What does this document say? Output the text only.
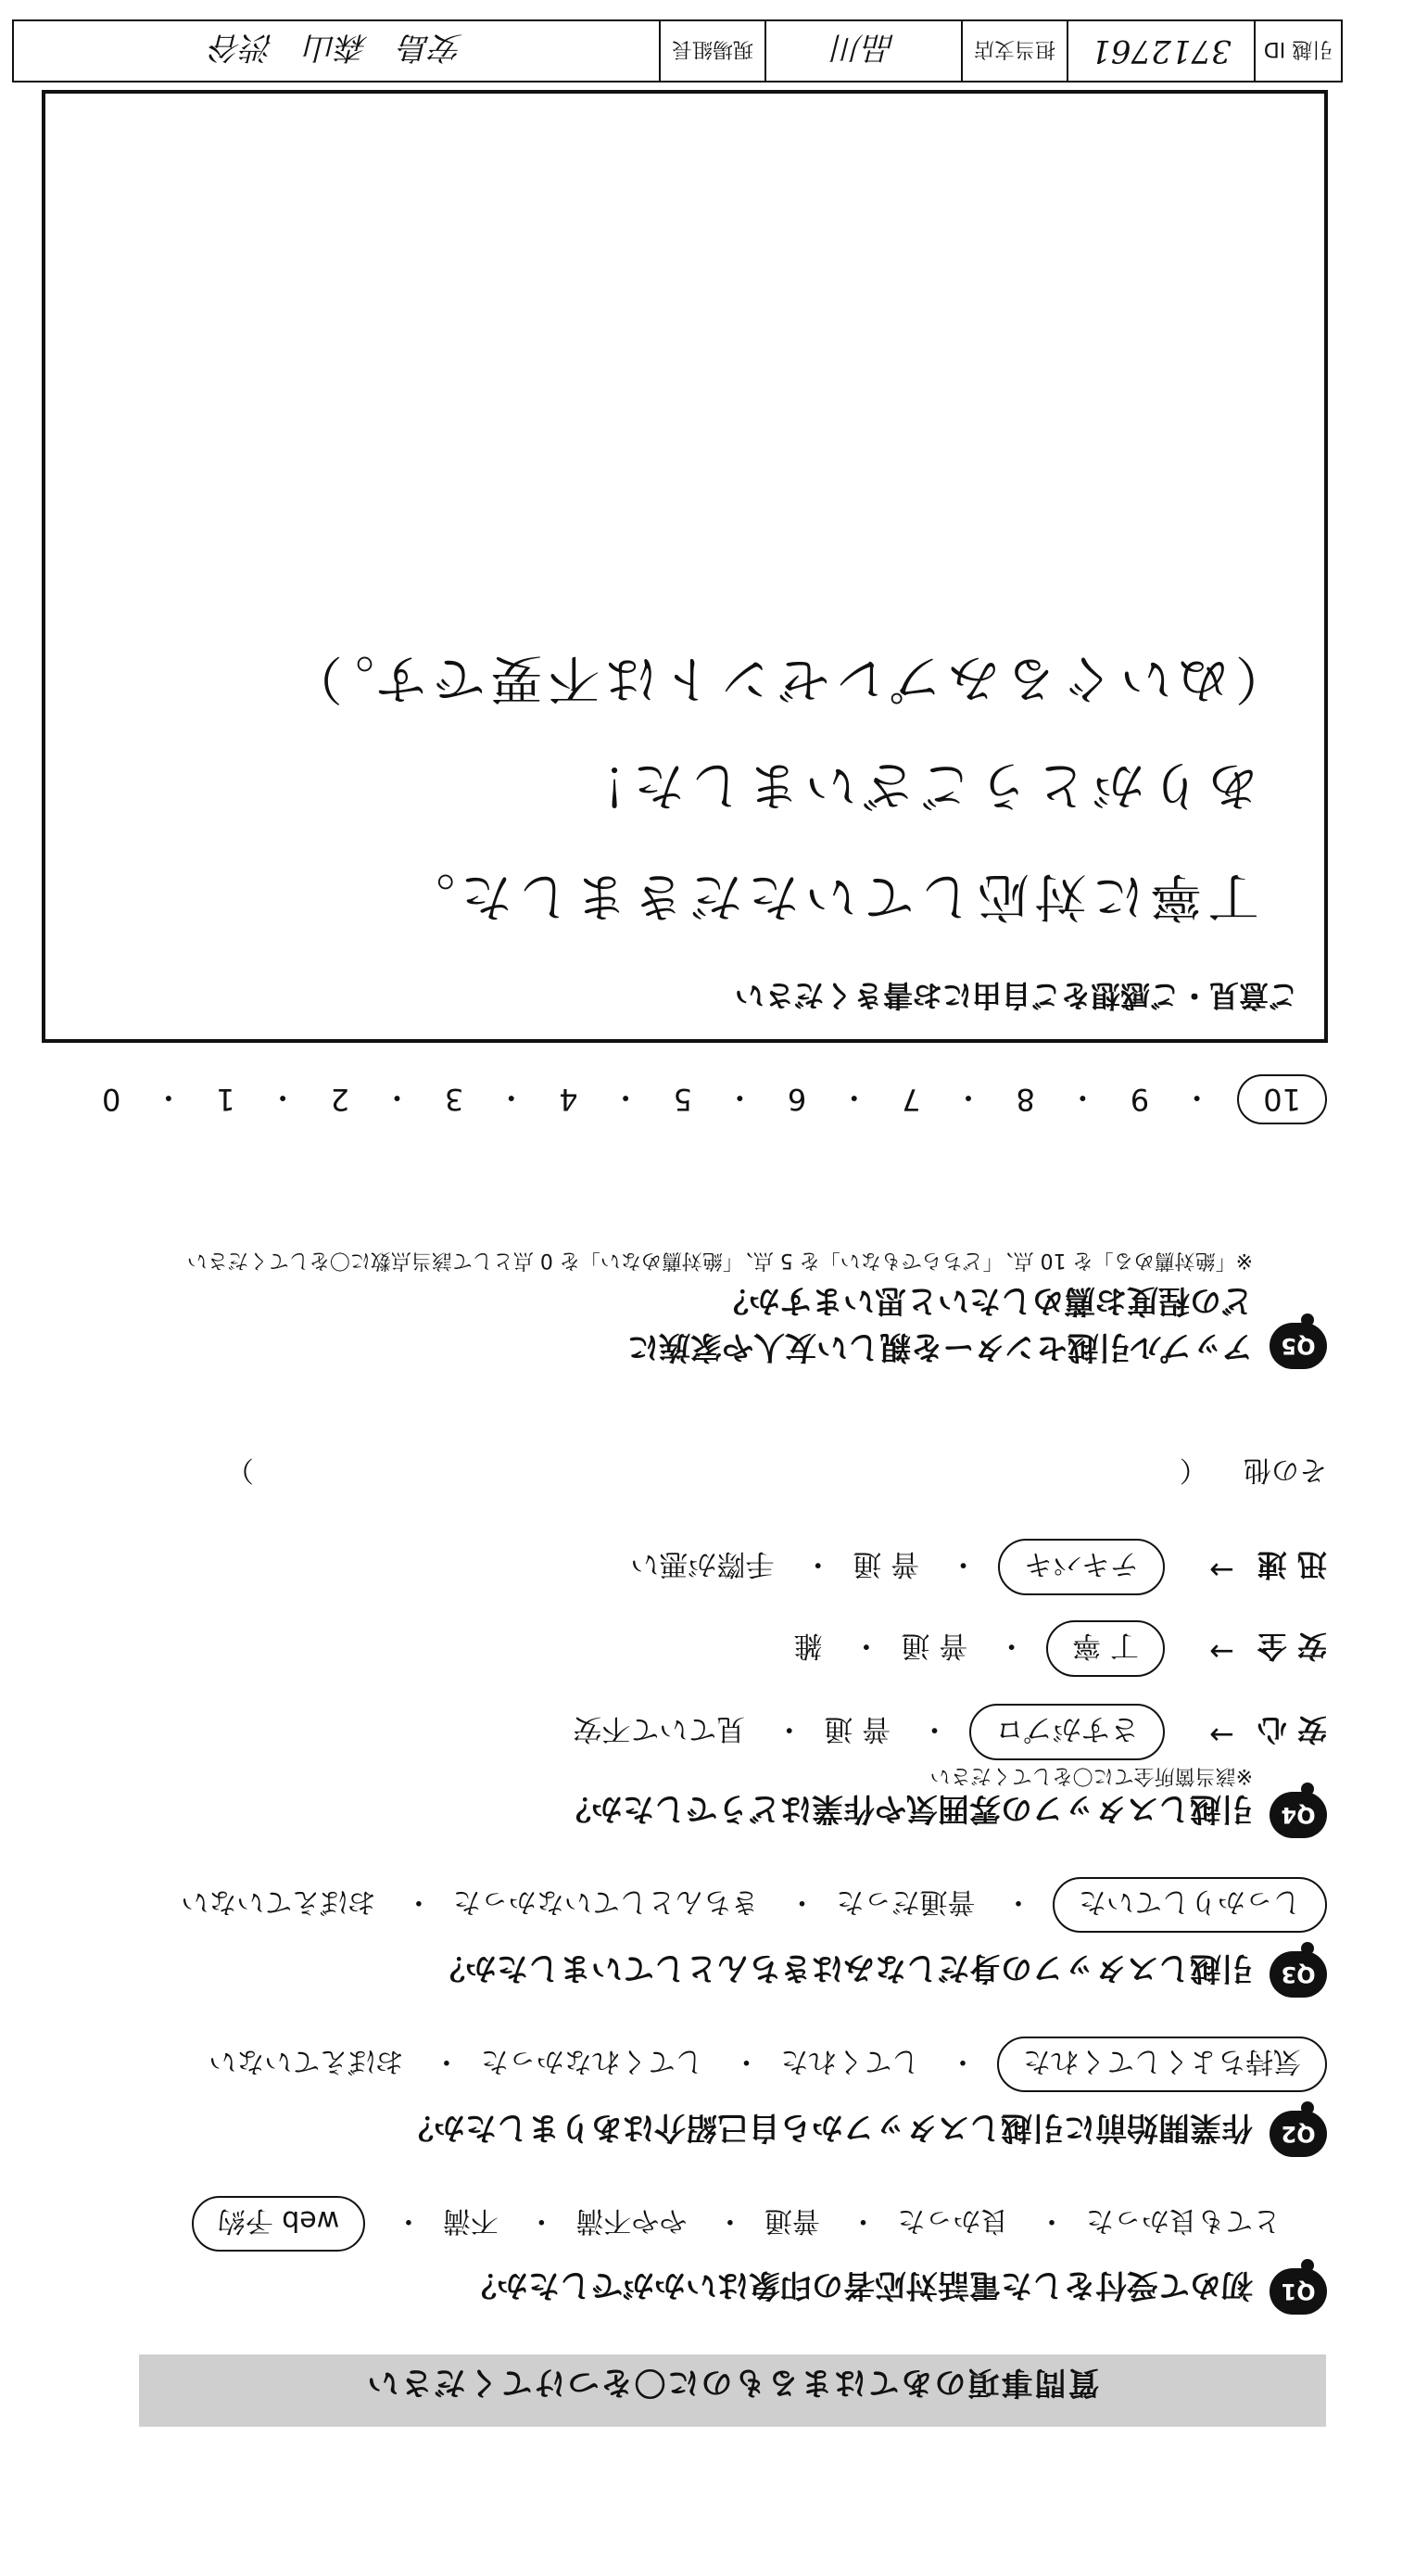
質問事項のあてはまるものに〇をつけてください
Q1
初めて受付をした電話対応者の印象はいかがでしたか？
とても良かった・ 良かった・ 普通・ やや不満・ 不満・ web 予約
Q2
作業開始前に引越しスタッフから自己紹介はありましたか？
気持ちよくしてくれた・ してくれた・ してくれなかった・ おぼえていない
Q3
引越しスタッフの身だしなみはきちんとしていましたか？
しっかりしていた・ 普通だった・ きちんとしていなかった・ おぼえていない
Q4
引越しスタッフの雰囲気や作業はどうでしたか？
※該当箇所全てに〇をしてください
安 心
→
さすがプロ・ 普 通・ 見ていて不安
安 全
→
丁 寧・ 普 通・ 雑
迅 速
→
テキパキ・ 普 通・ 手際が悪い
その他  （  ）
Q5
アップル引越センターを親しい友人や家族に
どの程度お薦めしたいと思いますか？
※「絶対薦める」を 10 点、「どちらでもない」を 5 点、「絶対薦めない」を 0 点として該当点数に〇をしてください
10
・
9
・
8
・
7
・
6
・
5
・
4
・
3
・
2
・
1
・
0
ご意見・ご感想をご自由にお書きください
丁寧に対応していただきました。
ありがとうございました！
（ぬいぐるみプレゼントは不要です。）
引越 ID
3712761
担当支店
品川
現場組長
安島　森山　渋谷
